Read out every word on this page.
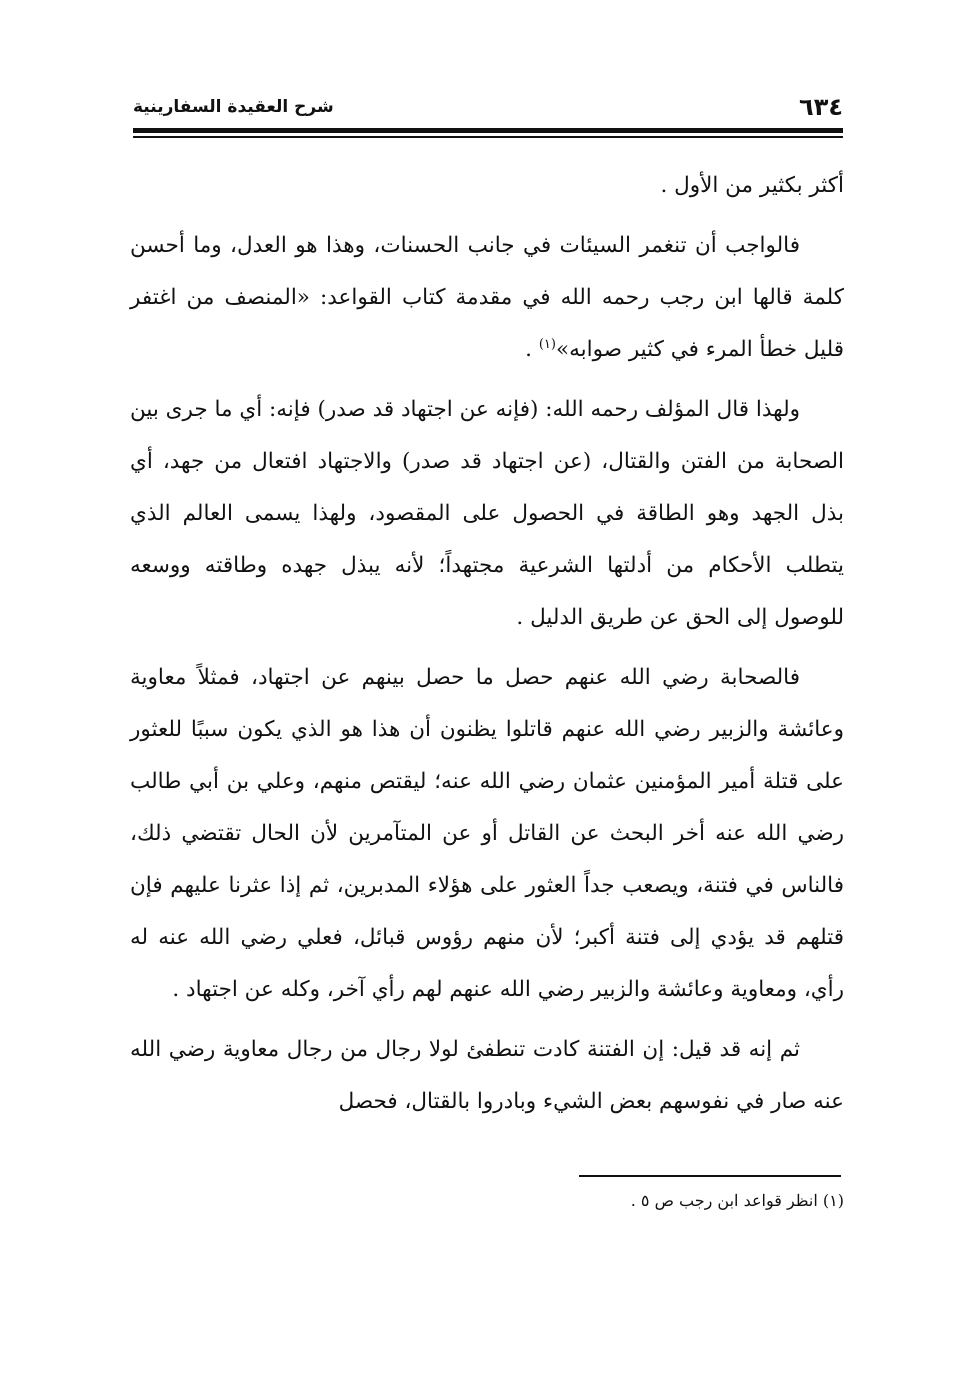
٦٣٤
شرح العقيدة السفارينية

أكثر بكثير من الأول .

فالواجب أن تنغمر السيئات في جانب الحسنات، وهذا هو العدل، وما أحسن كلمة قالها ابن رجب رحمه الله في مقدمة كتاب القواعد: «المنصف من اغتفر قليل خطأ المرء في كثير صوابه»$^{(١)}$ .

ولهذا قال المؤلف رحمه الله: (فإنه عن اجتهاد قد صدر) فإنه: أي ما جرى بين الصحابة من الفتن والقتال، (عن اجتهاد قد صدر) والاجتهاد افتعال من جهد، أي بذل الجهد وهو الطاقة في الحصول على المقصود، ولهذا يسمى العالم الذي يتطلب الأحكام من أدلتها الشرعية مجتهداً؛ لأنه يبذل جهده وطاقته ووسعه للوصول إلى الحق عن طريق الدليل .

فالصحابة رضي الله عنهم حصل ما حصل بينهم عن اجتهاد، فمثلاً معاوية وعائشة والزبير رضي الله عنهم قاتلوا يظنون أن هذا هو الذي يكون سببًا للعثور على قتلة أمير المؤمنين عثمان رضي الله عنه؛ ليقتص منهم، وعلي بن أبي طالب رضي الله عنه أخر البحث عن القاتل أو عن المتآمرين لأن الحال تقتضي ذلك، فالناس في فتنة، ويصعب جداً العثور على هؤلاء المدبرين، ثم إذا عثرنا عليهم فإن قتلهم قد يؤدي إلى فتنة أكبر؛ لأن منهم رؤوس قبائل، فعلي رضي الله عنه له رأي، ومعاوية وعائشة والزبير رضي الله عنهم لهم رأي آخر، وكله عن اجتهاد .

ثم إنه قد قيل: إن الفتنة كادت تنطفئ لولا رجال من رجال معاوية رضي الله عنه صار في نفوسهم بعض الشيء وبادروا بالقتال، فحصل

(١) انظر قواعد ابن رجب ص ٥ .
